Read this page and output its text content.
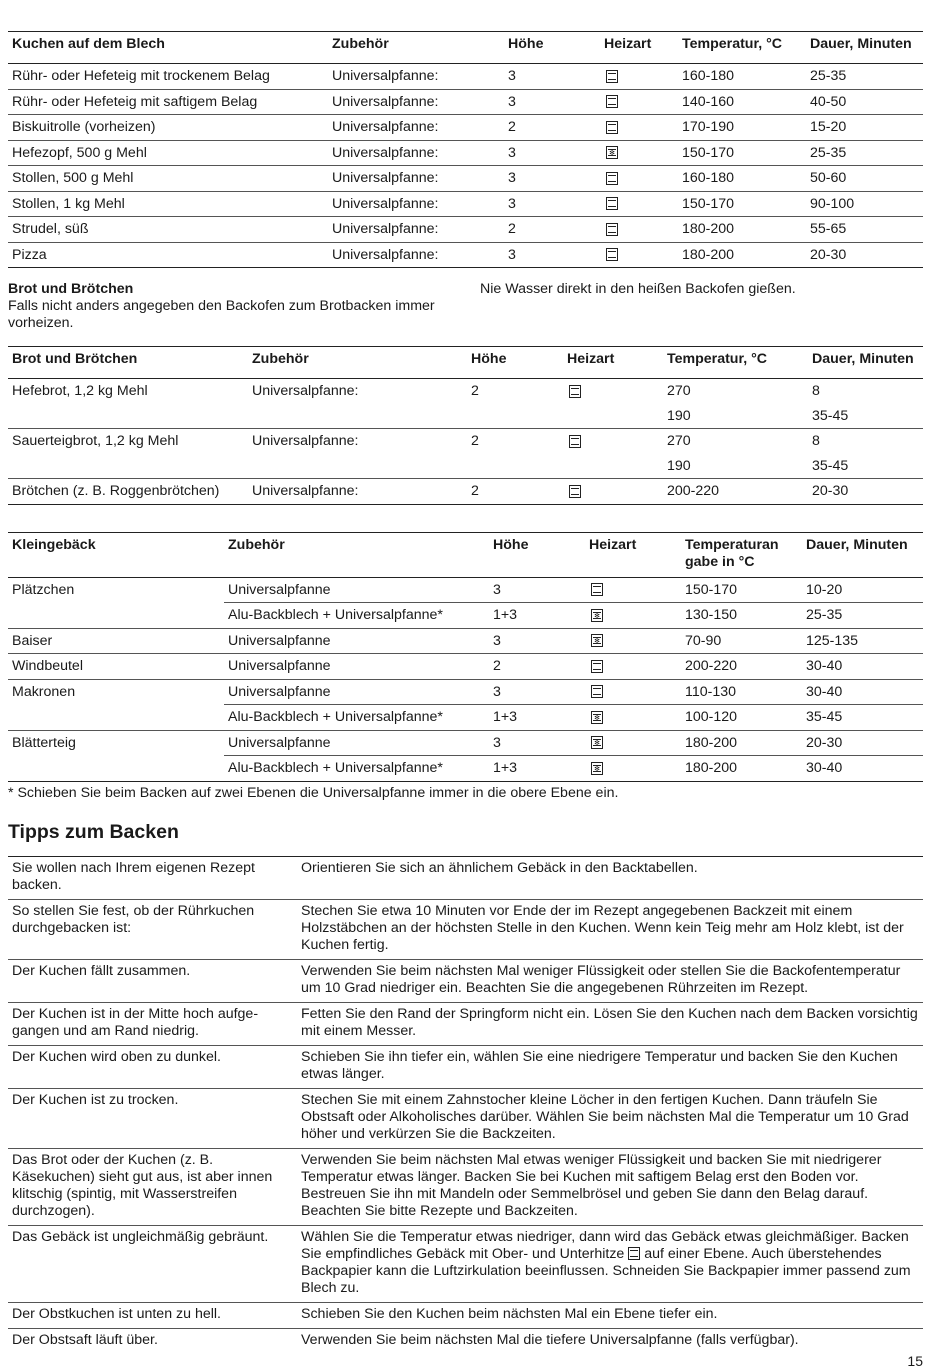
Kuchen auf dem Blech	Zubehör	Höhe	Heizart	Temperatur, °C	Dauer, Minuten
Rühr- oder Hefeteig mit trockenem Belag	Universalpfanne:	3		160-180	25-35
Rühr- oder Hefeteig mit saftigem Belag	Universalpfanne:	3		140-160	40-50
Biskuitrolle (vorheizen)	Universalpfanne:	2		170-190	15-20
Hefezopf, 500 g Mehl	Universalpfanne:	3	✻	150-170	25-35
Stollen, 500 g Mehl	Universalpfanne:	3		160-180	50-60
Stollen, 1 kg Mehl	Universalpfanne:	3		150-170	90-100
Strudel, süß	Universalpfanne:	2		180-200	55-65
Pizza	Universalpfanne:	3		180-200	20-30
Brot und Brötchen
Falls nicht anders angegeben den Backofen zum Brotbacken immer vorheizen.
Nie Wasser direkt in den heißen Backofen gießen.
Brot und Brötchen	Zubehör	Höhe	Heizart	Temperatur, °C	Dauer, Minuten
Hefebrot, 1,2 kg Mehl	Universalpfanne:	2		270	8
				190	35-45
Sauerteigbrot, 1,2 kg Mehl	Universalpfanne:	2		270	8
				190	35-45
Brötchen (z. B. Roggenbrötchen)	Universalpfanne:	2		200-220	20-30
Kleingebäck	Zubehör	Höhe	Heizart	Temperaturan gabe in °C	Dauer, Minuten
Plätzchen	Universalpfanne	3		150-170	10-20
	Alu-Backblech + Universalpfanne*	1+3	✻	130-150	25-35
Baiser	Universalpfanne	3	✻	70-90	125-135
Windbeutel	Universalpfanne	2		200-220	30-40
Makronen	Universalpfanne	3		110-130	30-40
	Alu-Backblech + Universalpfanne*	1+3	✻	100-120	35-45
Blätterteig	Universalpfanne	3	✻	180-200	20-30
	Alu-Backblech + Universalpfanne*	1+3	✻	180-200	30-40
* Schieben Sie beim Backen auf zwei Ebenen die Universalpfanne immer in die obere Ebene ein.
Tipps zum Backen
Sie wollen nach Ihrem eigenen Rezept backen.	Orientieren Sie sich an ähnlichem Gebäck in den Backtabellen.
So stellen Sie fest, ob der Rührkuchen durchgebacken ist:	Stechen Sie etwa 10 Minuten vor Ende der im Rezept angegebenen Backzeit mit einem Holzstäbchen an der höchsten Stelle in den Kuchen. Wenn kein Teig mehr am Holz klebt, ist der Kuchen fertig.
Der Kuchen fällt zusammen.	Verwenden Sie beim nächsten Mal weniger Flüssigkeit oder stellen Sie die Backofentemperatur um 10 Grad niedriger ein. Beachten Sie die angegebenen Rührzeiten im Rezept.
Der Kuchen ist in der Mitte hoch aufgegangen und am Rand niedrig.	Fetten Sie den Rand der Springform nicht ein. Lösen Sie den Kuchen nach dem Backen vorsichtig mit einem Messer.
Der Kuchen wird oben zu dunkel.	Schieben Sie ihn tiefer ein, wählen Sie eine niedrigere Temperatur und backen Sie den Kuchen etwas länger.
Der Kuchen ist zu trocken.	Stechen Sie mit einem Zahnstocher kleine Löcher in den fertigen Kuchen. Dann träufeln Sie Obstsaft oder Alkoholisches darüber. Wählen Sie beim nächsten Mal die Temperatur um 10 Grad höher und verkürzen Sie die Backzeiten.
Das Brot oder der Kuchen (z. B. Käsekuchen) sieht gut aus, ist aber innen klitschig (spintig, mit Wasserstreifen durchzogen).	Verwenden Sie beim nächsten Mal etwas weniger Flüssigkeit und backen Sie mit niedrigerer Temperatur etwas länger. Backen Sie bei Kuchen mit saftigem Belag erst den Boden vor. Bestreuen Sie ihn mit Mandeln oder Semmelbrösel und geben Sie dann den Belag darauf. Beachten Sie bitte Rezepte und Backzeiten.
Das Gebäck ist ungleichmäßig gebräunt.	Wählen Sie die Temperatur etwas niedriger, dann wird das Gebäck etwas gleichmäßiger. Backen Sie empfindliches Gebäck mit Ober- und Unterhitze auf einer Ebene. Auch überstehendes Backpapier kann die Luftzirkulation beeinflussen. Schneiden Sie Backpapier immer passend zum Blech zu.
Der Obstkuchen ist unten zu hell.	Schieben Sie den Kuchen beim nächsten Mal ein Ebene tiefer ein.
Der Obstsaft läuft über.	Verwenden Sie beim nächsten Mal die tiefere Universalpfanne (falls verfügbar).
15
